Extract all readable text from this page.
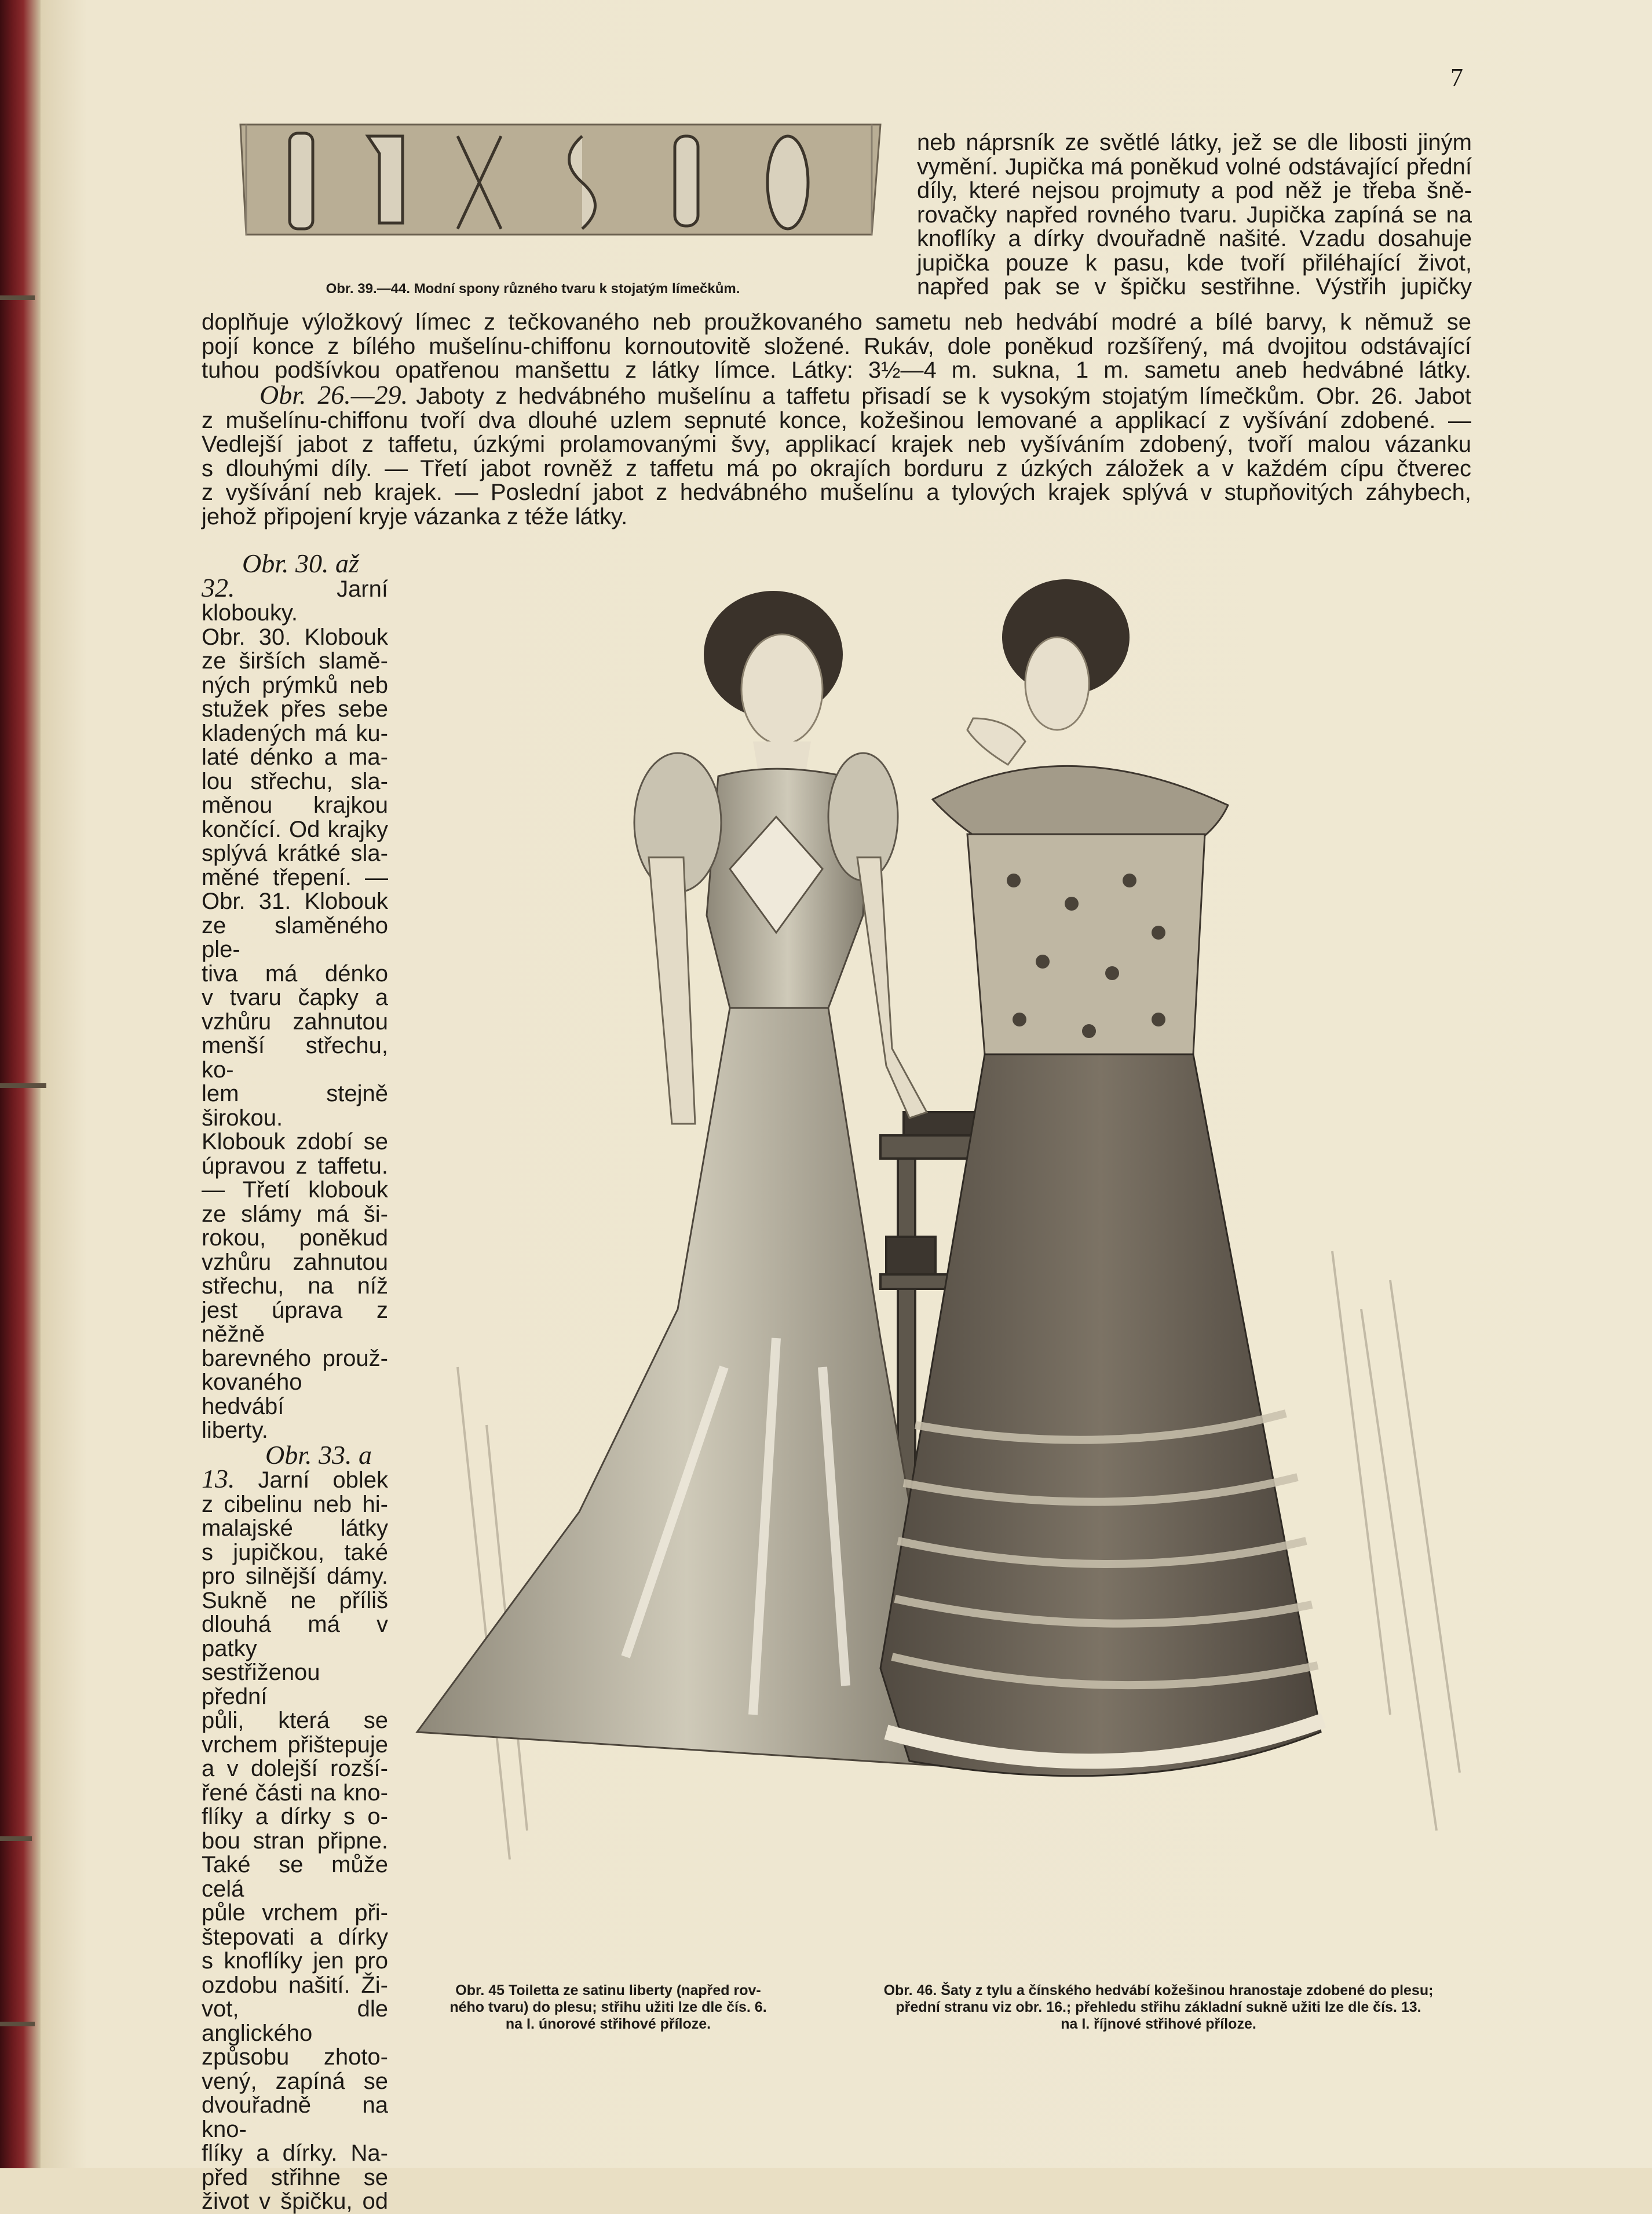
7
Obr. 39.—44. Modní spony různého tvaru k stojatým límečkům.
neb náprsník ze světlé látky, jež se dle libosti jiným
vymění. Jupička má poněkud volné odstávající přední
díly, které nejsou projmuty a pod něž je třeba šně-
rovačky napřed rovného tvaru. Jupička zapíná se na
knoflíky a dírky dvouřadně našité. Vzadu dosahuje
jupička pouze k pasu, kde tvoří přiléhající život,
napřed pak se v špičku sestřihne. Výstřih jupičky
doplňuje výložkový límec z tečkovaného neb proužkovaného sametu neb hedvábí modré a bílé barvy, k němuž se
pojí konce z bílého mušelínu-chiffonu kornoutovitě složené. Rukáv, dole poněkud rozšířený, má dvojitou odstávající
tuhou podšívkou opatřenou manšettu z látky límce. Látky: 3½—4 m. sukna, 1 m. sametu aneb hedvábné látky.
Obr. 26.—29. Jaboty z hedvábného mušelínu a taffetu přisadí se k vysokým stojatým límečkům. Obr. 26. Jabot
z mušelínu-chiffonu tvoří dva dlouhé uzlem sepnuté konce, kožešinou lemované a applikací z vyšívání zdobené. —
Vedlejší jabot z taffetu, úzkými prolamovanými švy, applikací krajek neb vyšíváním zdobený, tvoří malou vázanku
s dlouhými díly. — Třetí jabot rovněž z taffetu má po okrajích borduru z úzkých záložek a v každém cípu čtverec
z vyšívání neb krajek. — Poslední jabot z hedvábného mušelínu a tylových krajek splývá v stupňovitých záhybech,
jehož připojení kryje vázanka z téže látky.
Obr. 30. až
32.	Jarní klobouky.
Obr. 30. Klobouk
ze širších slamě-
ných prýmků neb
stužek přes sebe
kladených má ku-
laté dénko a ma-
lou střechu, sla-
měnou krajkou
končící. Od krajky
splývá krátké sla-
měné třepení. —
Obr. 31. Klobouk
ze slaměného ple-
tiva má dénko
v tvaru čapky a
vzhůru zahnutou
menší střechu, ko-
lem stejně širokou.
Klobouk zdobí se
úpravou z taffetu.
— Třetí klobouk
ze slámy má ši-
rokou, poněkud
vzhůru zahnutou
střechu, na níž
jest úprava z něžně
barevného prouž-
kovaného hedvábí
liberty.
Obr. 33. a
13. Jarní oblek
z cibelinu neb hi-
malajské látky
s jupičkou, také
pro silnější dámy.
Sukně ne příliš
dlouhá má v patky
sestřiženou přední
půli, která se
vrchem přištepuje
a v dolejší rozší-
řené části na kno-
flíky a dírky s o-
bou stran připne.
Také se může celá
půle vrchem při-
štepovati a dírky
s knoflíky jen pro
ozdobu našití. Ži-
vot, dle anglického
způsobu zhoto-
vený, zapíná se
dvouřadně na kno-
flíky a dírky. Na-
před střihne se
život v špičku, od
Obr. 45 Toiletta ze satinu liberty (napřed rov-
ného tvaru) do plesu; střihu užiti lze dle čís. 6.
na I. únorové střihové příloze.
Obr. 46. Šaty z tylu a čínského hedvábí kožešinou hranostaje zdobené do plesu;
přední stranu viz obr. 16.; přehledu střihu základní sukně užiti lze dle čís. 13.
na I. říjnové střihové příloze.
